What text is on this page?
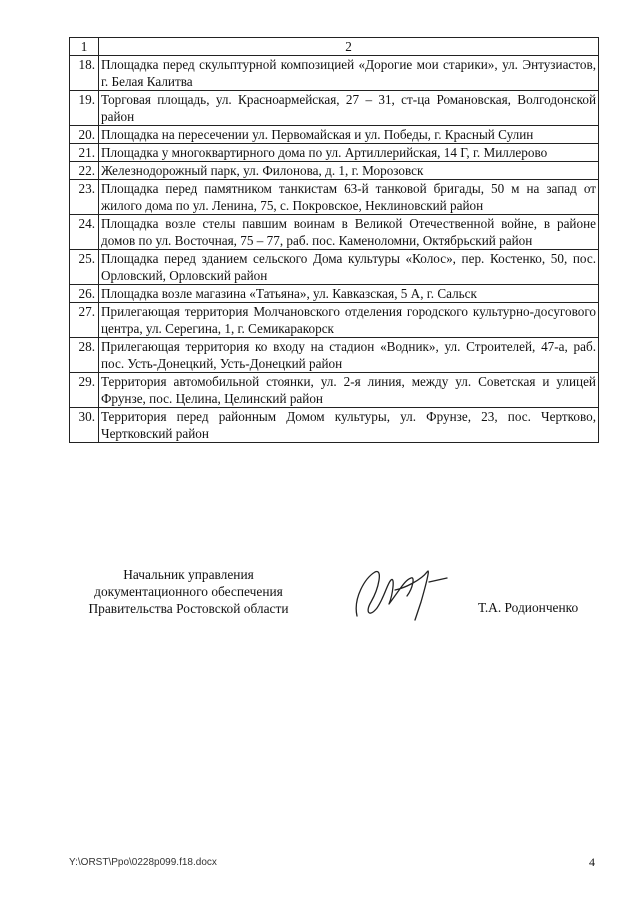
1	2
18.	Площадка перед скульптурной композицией «Дорогие мои старики», ул. Энтузиастов, г. Белая Калитва
19.	Торговая площадь, ул. Красноармейская, 27 – 31, ст-ца Романовская, Волгодонской район
20.	Площадка на пересечении ул. Первомайская и ул. Победы, г. Красный Сулин
21.	Площадка у многоквартирного дома по ул. Артиллерийская, 14 Г, г. Миллерово
22.	Железнодорожный парк, ул. Филонова, д. 1, г. Морозовск
23.	Площадка перед памятником танкистам 63-й танковой бригады, 50 м на запад от жилого дома по ул. Ленина, 75, с. Покровское, Неклиновский район
24.	Площадка возле стелы павшим воинам в Великой Отечественной войне, в районе домов по ул. Восточная, 75 – 77, раб. пос. Каменоломни, Октябрьский район
25.	Площадка перед зданием сельского Дома культуры «Колос», пер. Костенко, 50, пос. Орловский, Орловский район
26.	Площадка возле магазина «Татьяна», ул. Кавказская, 5 А, г. Сальск
27.	Прилегающая территория Молчановского отделения городского культурно-досугового центра, ул. Серегина, 1, г. Семикаракорск
28.	Прилегающая территория ко входу на стадион «Водник», ул. Строителей, 47-а, раб. пос. Усть-Донецкий, Усть-Донецкий район
29.	Территория автомобильной стоянки, ул. 2-я линия, между ул. Советская и улицей Фрунзе, пос. Целина, Целинский район
30.	Территория перед районным Домом культуры, ул. Фрунзе, 23, пос. Чертково, Чертковский район
Начальник управления
документационного обеспечения
Правительства Ростовской области	Т.А. Родионченко
Y:\ORST\Ppo\0228p099.f18.docx	4
